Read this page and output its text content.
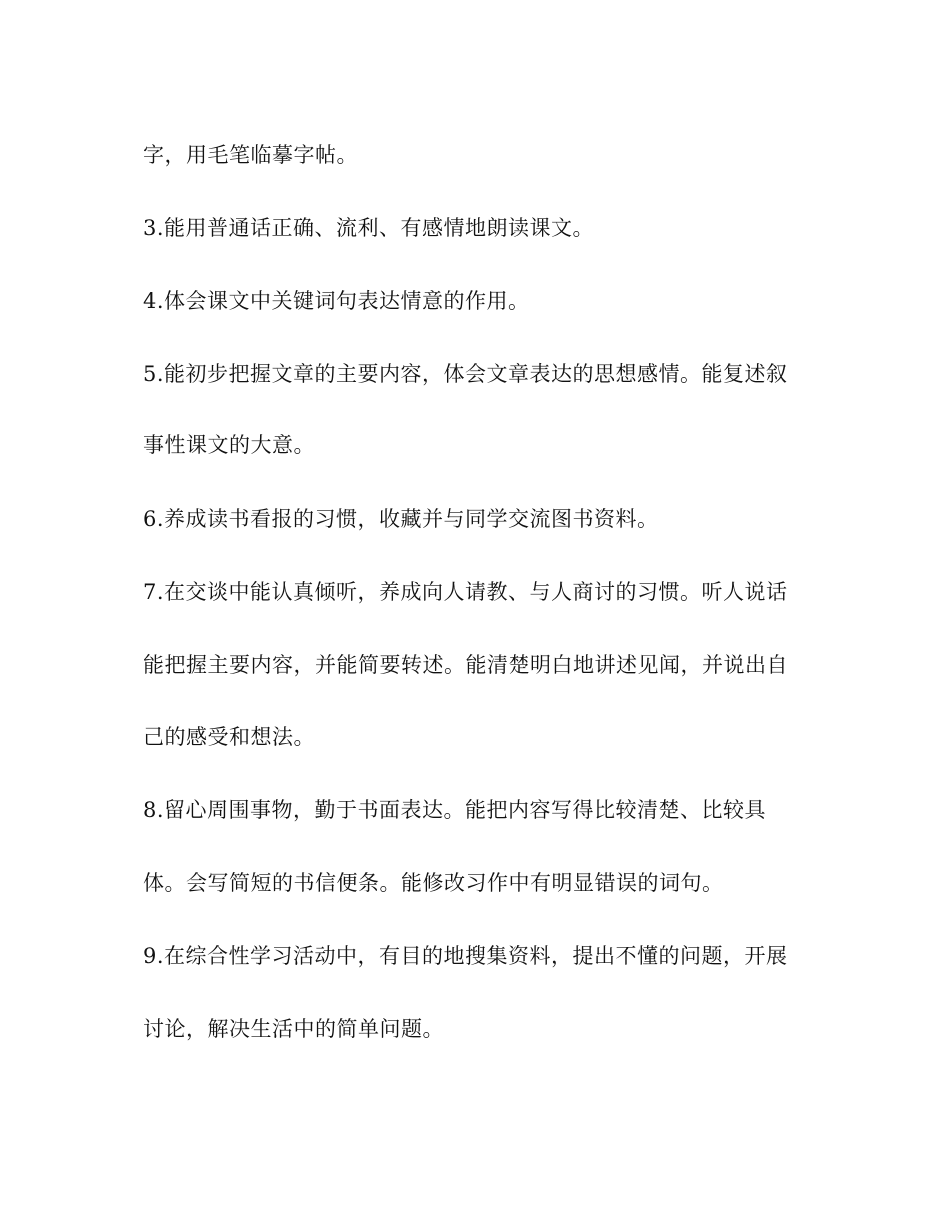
字，用毛笔临摹字帖。
3.能用普通话正确、流利、有感情地朗读课文。
4.体会课文中关键词句表达情意的作用。
5.能初步把握文章的主要内容，体会文章表达的思想感情。能复述叙
事性课文的大意。
6.养成读书看报的习惯，收藏并与同学交流图书资料。
7.在交谈中能认真倾听，养成向人请教、与人商讨的习惯。听人说话
能把握主要内容，并能简要转述。能清楚明白地讲述见闻，并说出自
己的感受和想法。
8.留心周围事物，勤于书面表达。能把内容写得比较清楚、比较具
体。会写简短的书信便条。能修改习作中有明显错误的词句。
9.在综合性学习活动中，有目的地搜集资料，提出不懂的问题，开展
讨论，解决生活中的简单问题。
